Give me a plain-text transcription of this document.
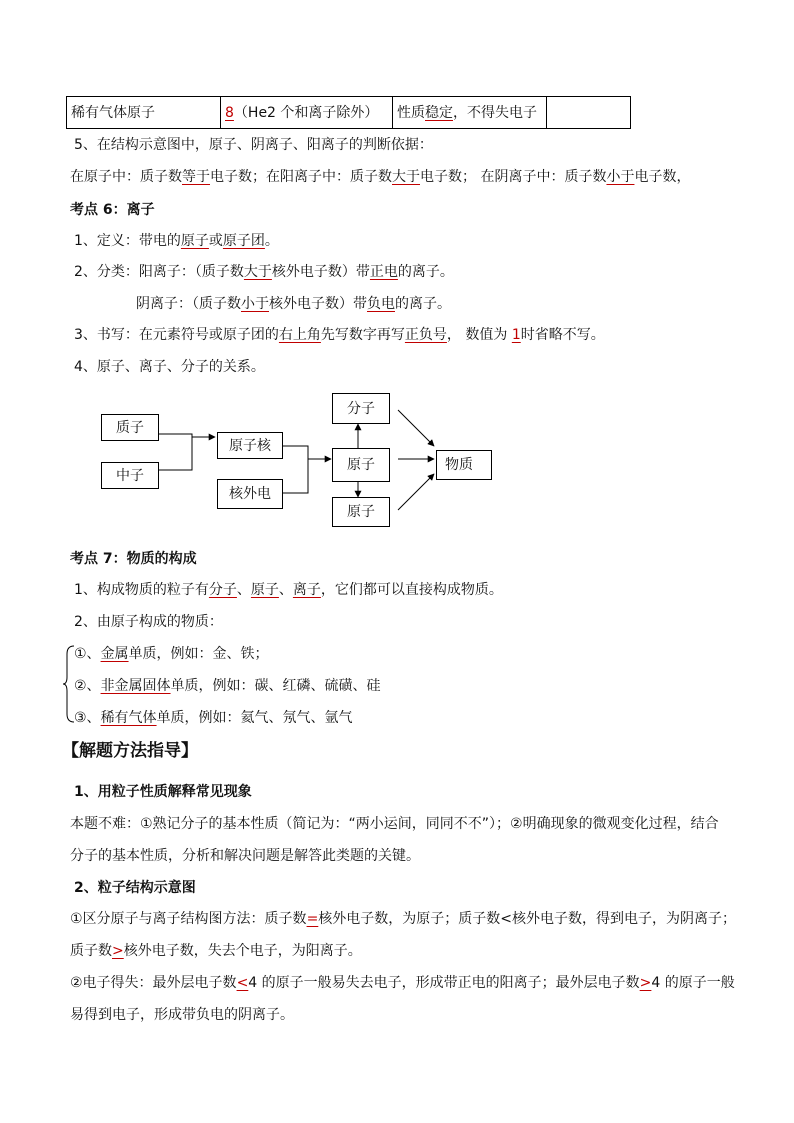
稀有气体原子	8（He2 个和离子除外）	性质稳定，不得失电子	
5、在结构示意图中，原子、阴离子、阳离子的判断依据：
在原子中：质子数等于电子数；在阳离子中：质子数大于电子数； 在阴离子中：质子数小于电子数，
考点 6：离子
1、定义：带电的原子或原子团。
2、分类：阳离子：（质子数大于核外电子数）带正电的离子。
阴离子：（质子数小于核外电子数）带负电的离子。
3、书写：在元素符号或原子团的右上角先写数字再写正负号， 数值为 1时省略不写。
4、原子、离子、分子的关系。
质子
中子
原子核
核外电
分子
原子
原子
物质
考点 7：物质的构成
1、构成物质的粒子有分子、原子、离子，它们都可以直接构成物质。
2、由原子构成的物质：
①、金属单质，例如：金、铁；
②、非金属固体单质，例如：碳、红磷、硫磺、硅
③、稀有气体单质，例如：氦气、氖气、氩气
【解题方法指导】
1、用粒子性质解释常见现象
本题不难：①熟记分子的基本性质（简记为：“两小运间，同同不不”）；②明确现象的微观变化过程，结合
分子的基本性质，分析和解决问题是解答此类题的关键。
2、粒子结构示意图
①区分原子与离子结构图方法：质子数=核外电子数，为原子；质子数<核外电子数，得到电子，为阴离子；
质子数>核外电子数，失去个电子，为阳离子。
②电子得失：最外层电子数<4 的原子一般易失去电子，形成带正电的阳离子；最外层电子数>4 的原子一般
易得到电子，形成带负电的阴离子。
